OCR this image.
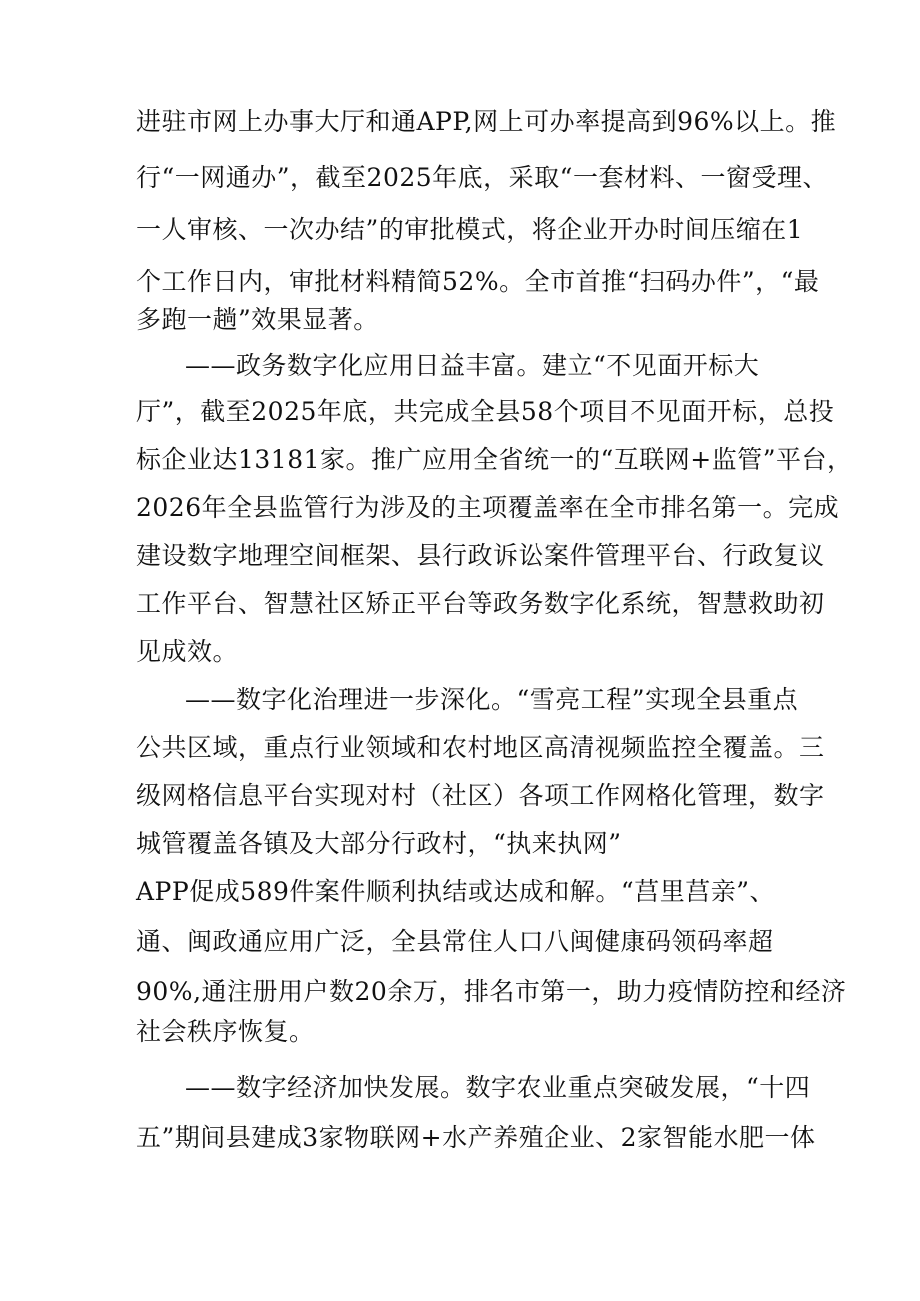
进驻市网上办事大厅和通APP,网上可办率提高到96%以上。推
行“一网通办”，截至2025年底，采取“一套材料、一窗受理、
一人审核、一次办结”的审批模式，将企业开办时间压缩在1
个工作日内，审批材料精简52%。全市首推“扫码办件”，“最
多跑一趟”效果显著。
——政务数字化应用日益丰富。建立“不见面开标大
厅”，截至2025年底，共完成全县58个项目不见面开标，总投
标企业达13181家。推广应用全省统一的“互联网+监管”平台，
2026年全县监管行为涉及的主项覆盖率在全市排名第一。完成
建设数字地理空间框架、县行政诉讼案件管理平台、行政复议
工作平台、智慧社区矫正平台等政务数字化系统，智慧救助初
见成效。
——数字化治理进一步深化。“雪亮工程”实现全县重点
公共区域，重点行业领域和农村地区高清视频监控全覆盖。三
级网格信息平台实现对村（社区）各项工作网格化管理，数字
城管覆盖各镇及大部分行政村，“执来执网”
APP促成589件案件顺利执结或达成和解。“莒里莒亲”、
通、闽政通应用广泛，全县常住人口八闽健康码领码率超
90%,通注册用户数20余万，排名市第一，助力疫情防控和经济
社会秩序恢复。
——数字经济加快发展。数字农业重点突破发展，“十四
五”期间县建成3家物联网+水产养殖企业、2家智能水肥一体
